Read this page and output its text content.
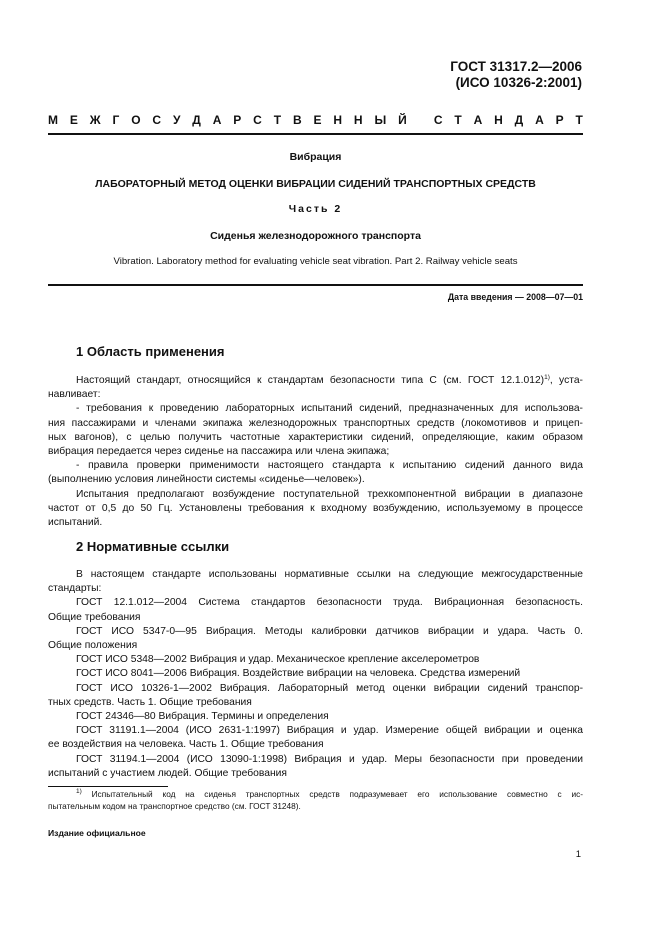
ГОСТ 31317.2—2006
(ИСО 10326-2:2001)
М Е Ж Г О С У Д А Р С Т В Е Н Н Ы Й
С Т А Н Д А Р Т
Вибрация
ЛАБОРАТОРНЫЙ МЕТОД ОЦЕНКИ ВИБРАЦИИ СИДЕНИЙ ТРАНСПОРТНЫХ СРЕДСТВ
Часть 2
Сиденья железнодорожного транспорта
Vibration. Laboratory method for evaluating vehicle seat vibration. Part 2. Railway vehicle seats
Дата введения — 2008—07—01
1 Область применения
Настоящий стандарт, относящийся к стандартам безопасности типа С (см. ГОСТ 12.1.012)$^{1)}$, уста-
навливает:
- требования к проведению лабораторных испытаний сидений, предназначенных для использова-
ния пассажирами и членами экипажа железнодорожных транспортных средств (локомотивов и прицеп-
ных вагонов), с целью получить частотные характеристики сидений, определяющие, каким образом
вибрация передается через сиденье на пассажира или члена экипажа;
- правила проверки применимости настоящего стандарта к испытанию сидений данного вида
(выполнению условия линейности системы «сиденье—человек»).
Испытания предполагают возбуждение поступательной трехкомпонентной вибрации в диапазоне
частот от 0,5 до 50 Гц. Установлены требования к входному возбуждению, используемому в процессе
испытаний.
2 Нормативные ссылки
В настоящем стандарте использованы нормативные ссылки на следующие межгосударственные
стандарты:
ГОСТ 12.1.012—2004 Система стандартов безопасности труда. Вибрационная безопасность.
Общие требования
ГОСТ ИСО 5347-0—95 Вибрация. Методы калибровки датчиков вибрации и удара. Часть 0.
Общие положения
ГОСТ ИСО 5348—2002 Вибрация и удар. Механическое крепление акселерометров
ГОСТ ИСО 8041—2006 Вибрация. Воздействие вибрации на человека. Средства измерений
ГОСТ ИСО 10326-1—2002 Вибрация. Лабораторный метод оценки вибрации сидений транспор-
тных средств. Часть 1. Общие требования
ГОСТ 24346—80 Вибрация. Термины и определения
ГОСТ 31191.1—2004 (ИСО 2631-1:1997) Вибрация и удар. Измерение общей вибрации и оценка
ее воздействия на человека. Часть 1. Общие требования
ГОСТ 31194.1—2004 (ИСО 13090-1:1998) Вибрация и удар. Меры безопасности при проведении
испытаний с участием людей. Общие требования
$^{1)}$ Испытательный код на сиденья транспортных средств подразумевает его использование совместно с ис-
пытательным кодом на транспортное средство (см. ГОСТ 31248).
Издание официальное
1
